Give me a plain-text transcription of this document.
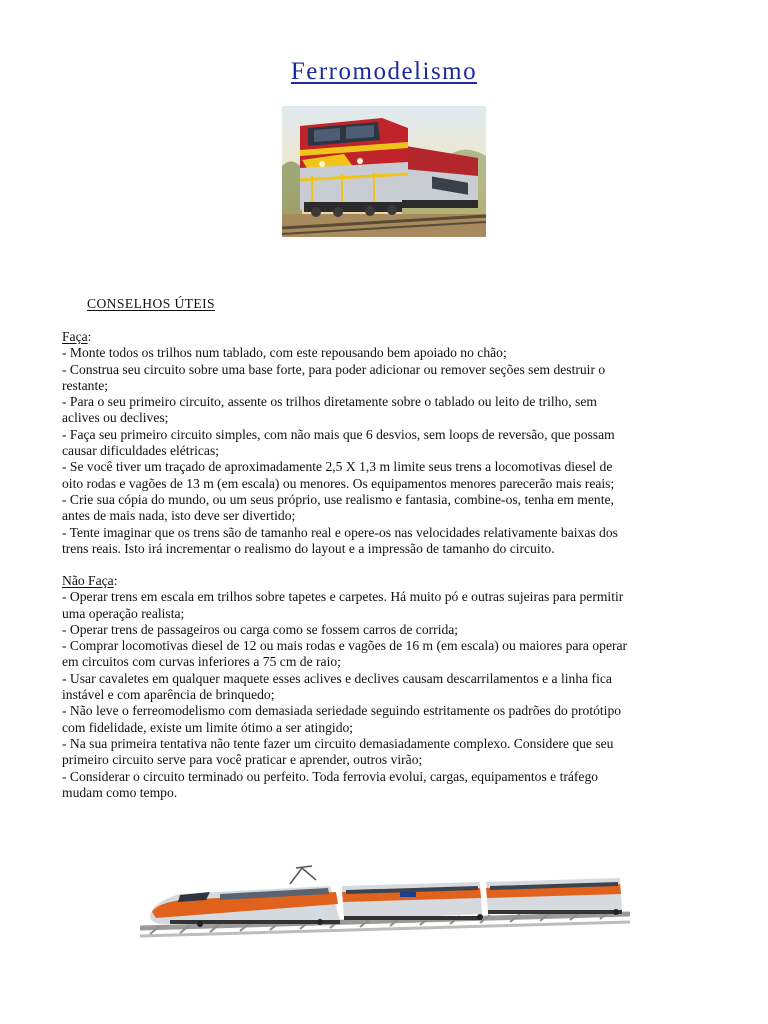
Ferromodelismo
CONSELHOS ÚTEIS
Faça:
- Monte todos os trilhos num tablado, com este repousando bem apoiado no chão;
- Construa seu circuito sobre uma base forte, para poder adicionar ou remover seções sem destruir o
restante;
- Para o seu primeiro circuito, assente os trilhos diretamente sobre o tablado ou leito de trilho, sem
aclives ou declives;
- Faça seu primeiro circuito simples, com não mais que 6 desvios, sem loops de reversão, que possam
causar dificuldades elétricas;
- Se você tiver um traçado de aproximadamente 2,5 X 1,3 m limite seus trens a locomotivas diesel de
oito rodas e vagões de 13 m (em escala) ou menores. Os equipamentos menores parecerão mais reais;
- Crie sua cópia do mundo, ou um seus próprio, use realismo e fantasia, combine-os, tenha em mente,
antes de mais nada, isto deve ser divertido;
- Tente imaginar que os trens são de tamanho real e opere-os nas velocidades relativamente baixas dos
trens reais. Isto irá incrementar o realismo do layout e a impressão de tamanho do circuito.
Não Faça:
- Operar trens em escala em trilhos sobre tapetes e carpetes. Há muito pó e outras sujeiras para permitir
uma operação realista;
- Operar trens de passageiros ou carga como se fossem carros de corrida;
- Comprar locomotivas diesel de 12 ou mais rodas e vagões de 16 m (em escala) ou maiores para operar
em circuitos com curvas inferiores a 75 cm de raio;
- Usar cavaletes em qualquer maquete esses aclives e declives causam descarrilamentos e a linha fica
instável e com aparência de brinquedo;
- Não leve o ferreomodelismo com demasiada seriedade seguindo estritamente os padrões do protótipo
com fidelidade, existe um limite ótimo a ser atingido;
- Na sua primeira tentativa não tente fazer um circuito demasiadamente complexo. Considere que seu
primeiro circuito serve para você praticar e aprender, outros virão;
- Considerar o circuito terminado ou perfeito. Toda ferrovia evolui, cargas, equipamentos e tráfego
mudam como tempo.
